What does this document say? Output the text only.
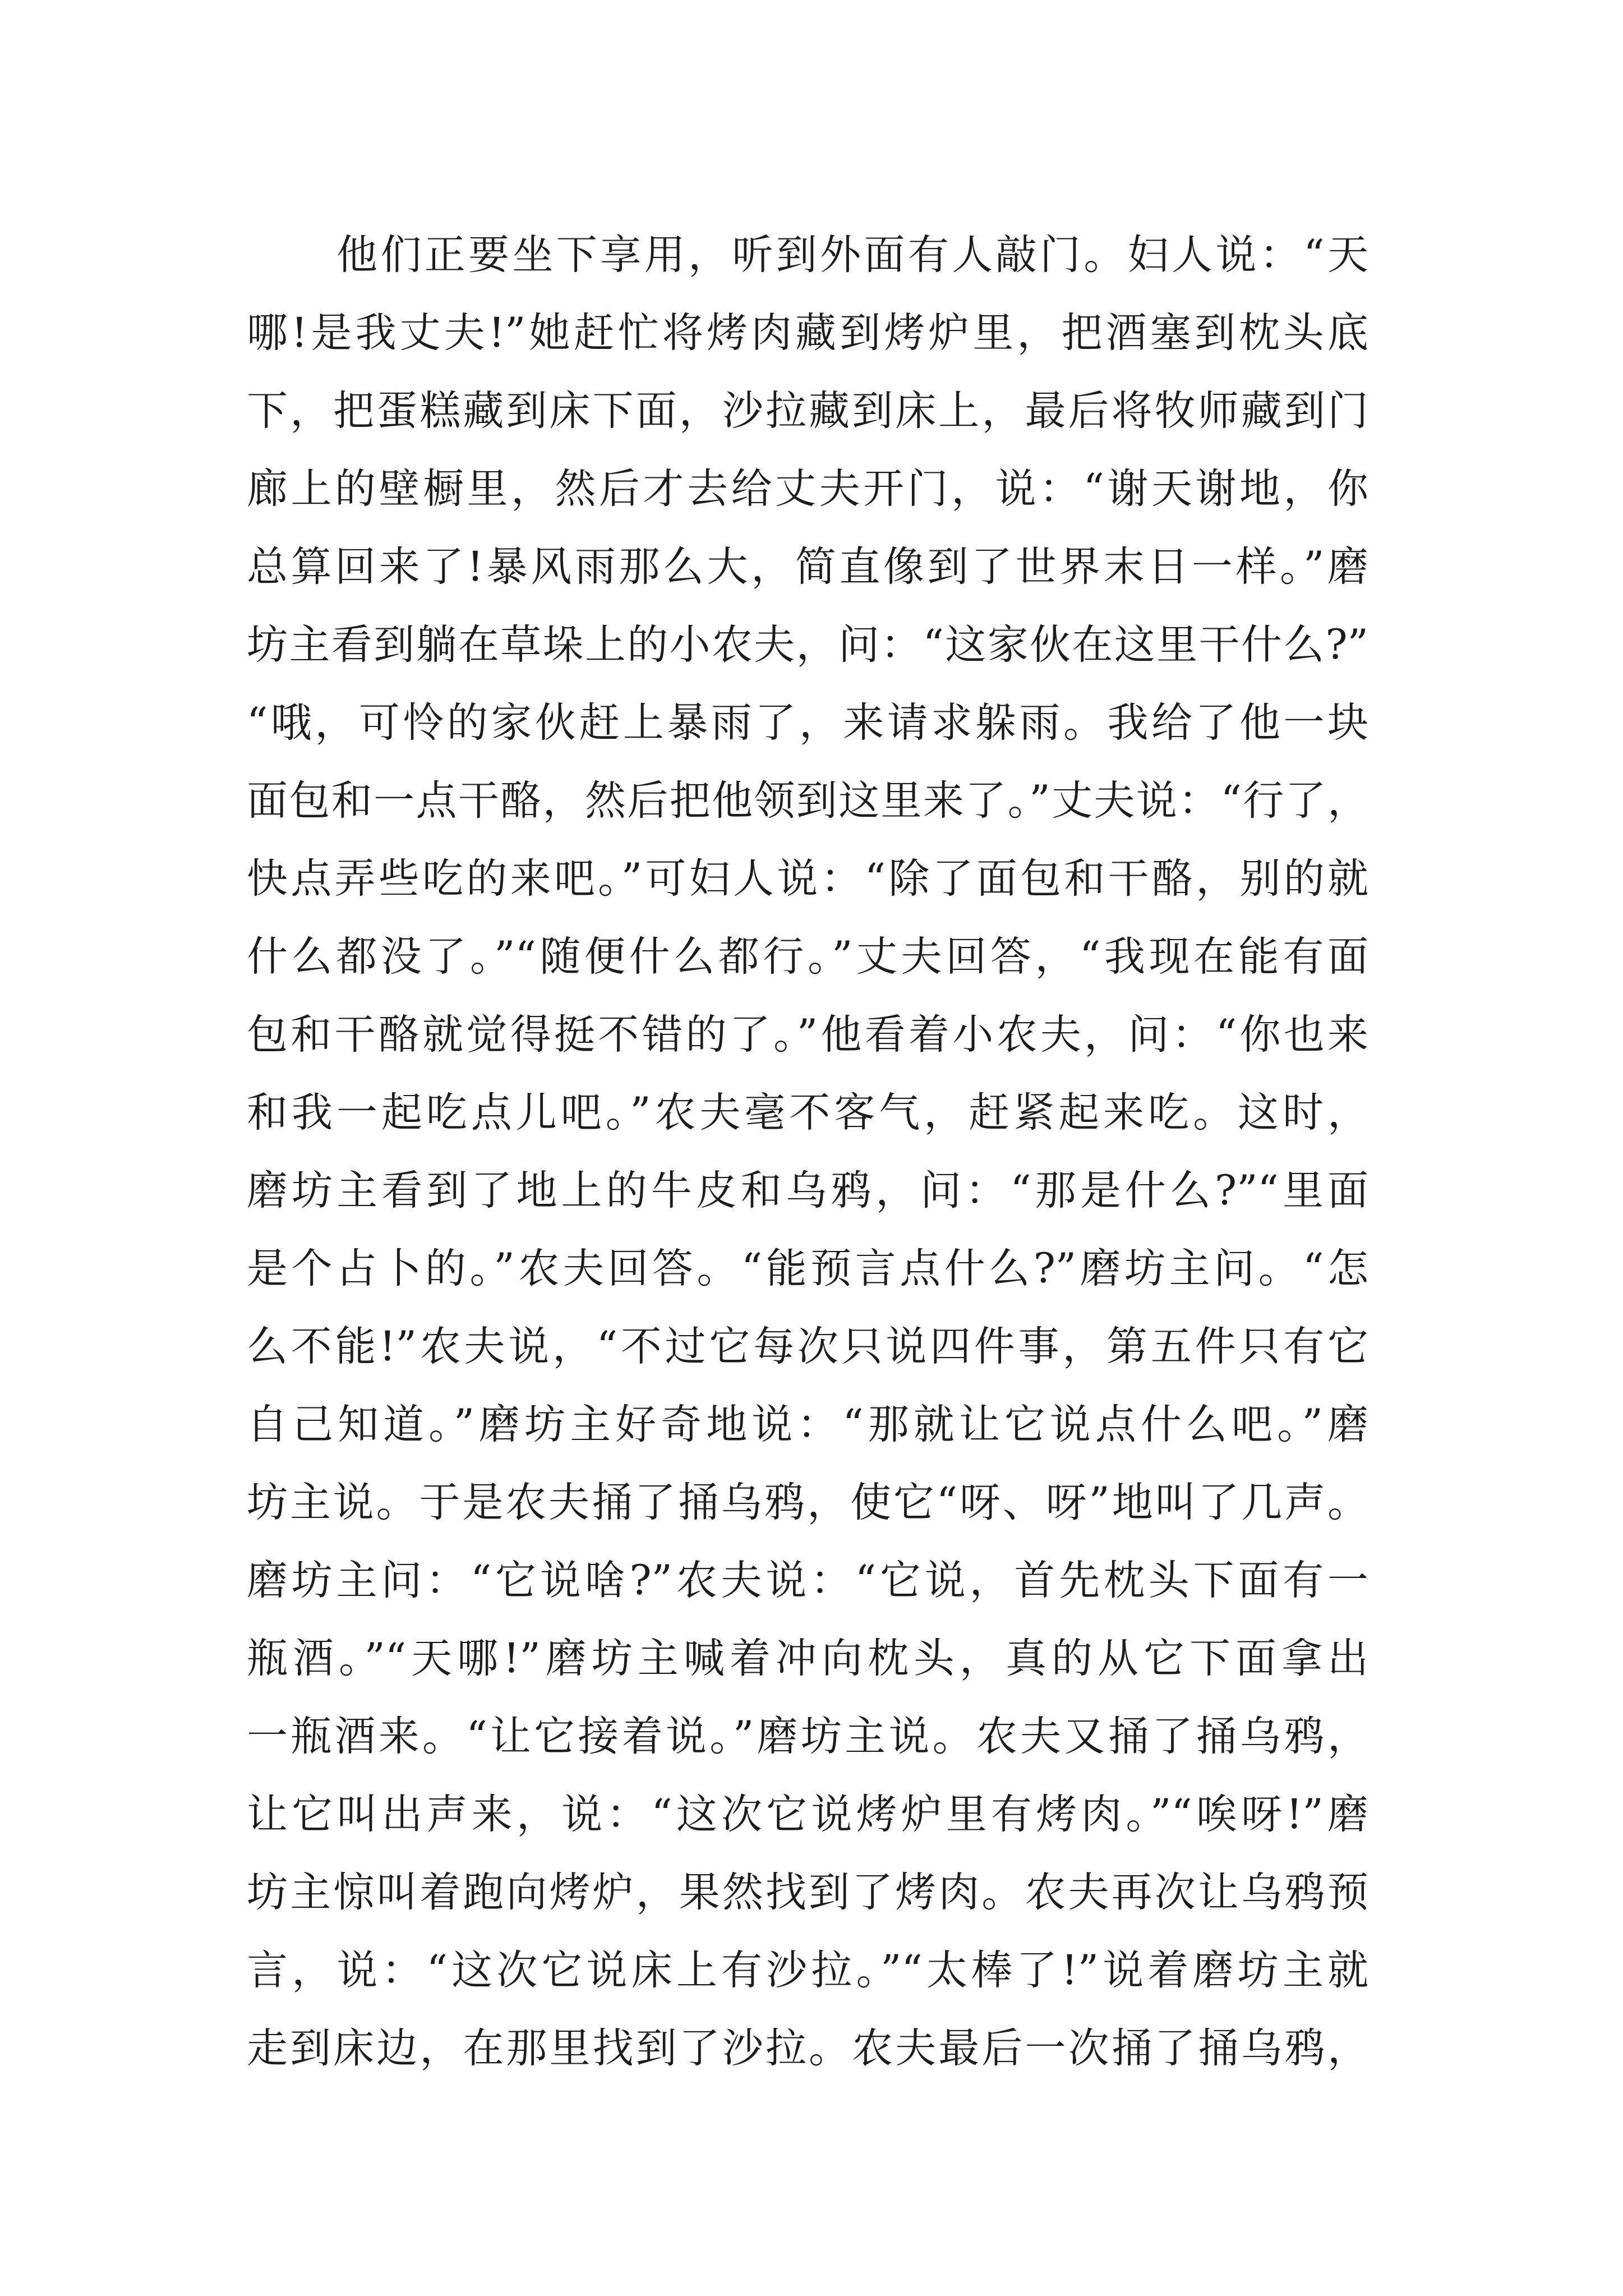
他们正要坐下享用，听到外面有人敲门。妇人说：“天
哪!是我丈夫!”她赶忙将烤肉藏到烤炉里，把酒塞到枕头底
下，把蛋糕藏到床下面，沙拉藏到床上，最后将牧师藏到门
廊上的壁橱里，然后才去给丈夫开门，说：“谢天谢地，你
总算回来了!暴风雨那么大，简直像到了世界末日一样。”磨
坊主看到躺在草垛上的小农夫，问：“这家伙在这里干什么?”
“哦，可怜的家伙赶上暴雨了，来请求躲雨。我给了他一块
面包和一点干酪，然后把他领到这里来了。”丈夫说：“行了，
快点弄些吃的来吧。”可妇人说：“除了面包和干酪，别的就
什么都没了。”“随便什么都行。”丈夫回答，“我现在能有面
包和干酪就觉得挺不错的了。”他看着小农夫，问：“你也来
和我一起吃点儿吧。”农夫毫不客气，赶紧起来吃。这时，
磨坊主看到了地上的牛皮和乌鸦，问：“那是什么?”“里面
是个占卜的。”农夫回答。“能预言点什么?”磨坊主问。“怎
么不能!”农夫说，“不过它每次只说四件事，第五件只有它
自己知道。”磨坊主好奇地说：“那就让它说点什么吧。”磨
坊主说。于是农夫捅了捅乌鸦，使它“呀、呀”地叫了几声。
磨坊主问：“它说啥?”农夫说：“它说，首先枕头下面有一
瓶酒。”“天哪!”磨坊主喊着冲向枕头，真的从它下面拿出
一瓶酒来。“让它接着说。”磨坊主说。农夫又捅了捅乌鸦，
让它叫出声来，说：“这次它说烤炉里有烤肉。”“唉呀!”磨
坊主惊叫着跑向烤炉，果然找到了烤肉。农夫再次让乌鸦预
言，说：“这次它说床上有沙拉。”“太棒了!”说着磨坊主就
走到床边，在那里找到了沙拉。农夫最后一次捅了捅乌鸦，
